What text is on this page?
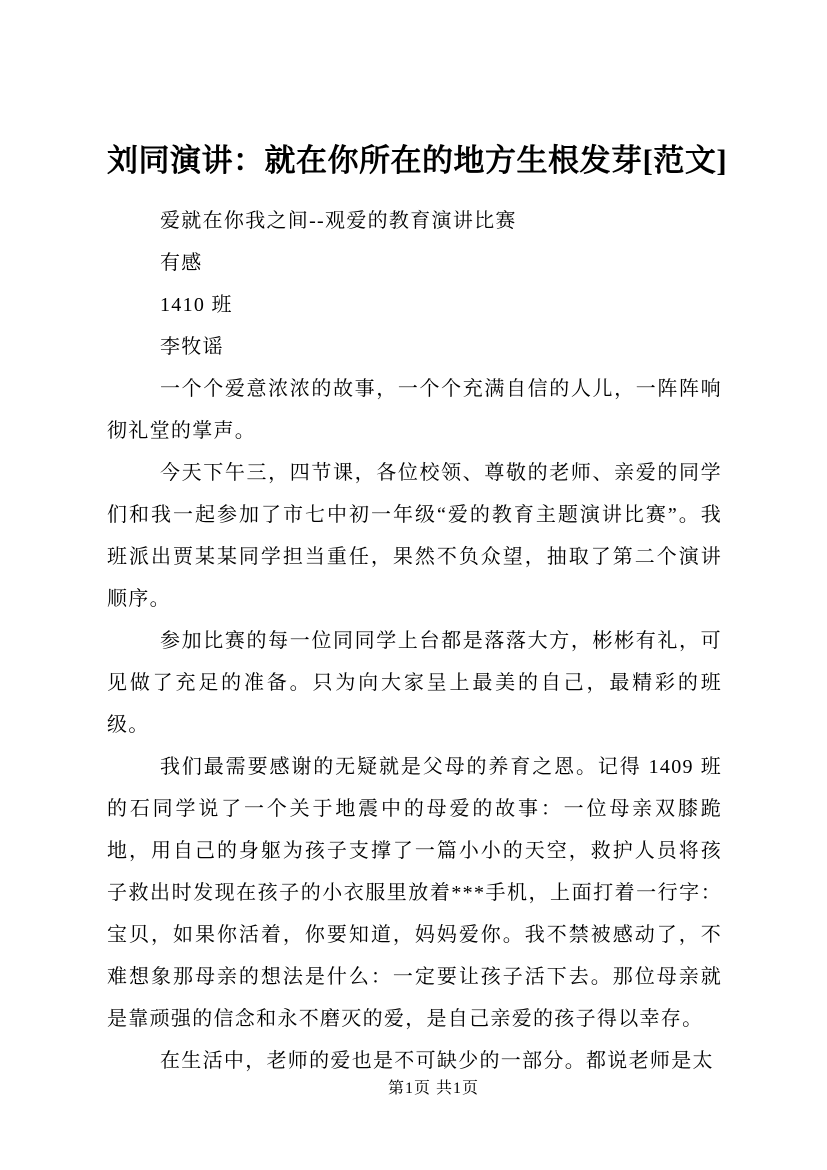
刘同演讲：就在你所在的地方生根发芽[范文]

爱就在你我之间--观爱的教育演讲比赛

有感

1410 班

李牧谣

一个个爱意浓浓的故事，一个个充满自信的人儿，一阵阵响彻礼堂的掌声。

今天下午三，四节课，各位校领、尊敬的老师、亲爱的同学们和我一起参加了市七中初一年级“爱的教育主题演讲比赛”。我班派出贾某某同学担当重任，果然不负众望，抽取了第二个演讲顺序。

参加比赛的每一位同同学上台都是落落大方，彬彬有礼，可见做了充足的准备。只为向大家呈上最美的自己，最精彩的班级。

我们最需要感谢的无疑就是父母的养育之恩。记得 1409 班的石同学说了一个关于地震中的母爱的故事：一位母亲双膝跪地，用自己的身躯为孩子支撑了一篇小小的天空，救护人员将孩子救出时发现在孩子的小衣服里放着***手机，上面打着一行字：宝贝，如果你活着，你要知道，妈妈爱你。我不禁被感动了，不难想象那母亲的想法是什么：一定要让孩子活下去。那位母亲就是靠顽强的信念和永不磨灭的爱，是自己亲爱的孩子得以幸存。

在生活中，老师的爱也是不可缺少的一部分。都说老师是太

第1页 共1页
